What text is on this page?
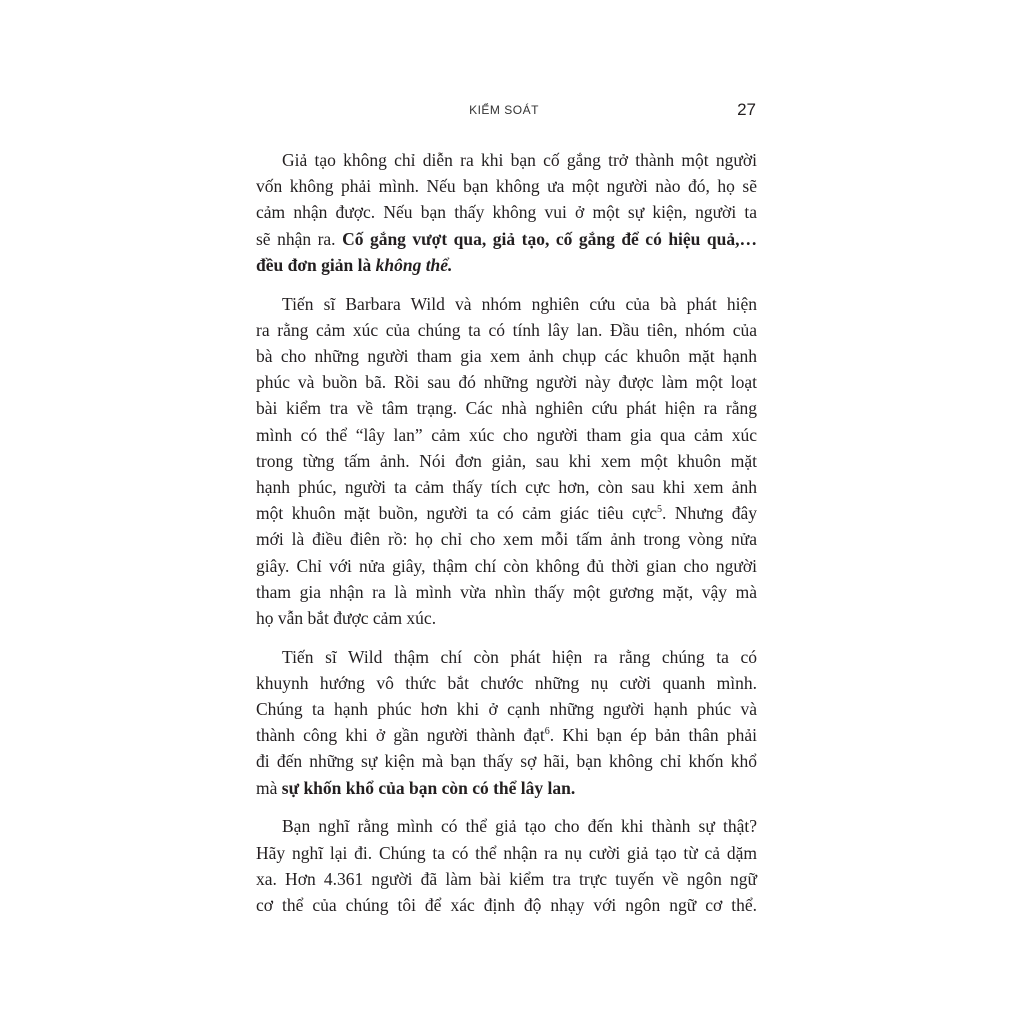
KIỂM SOÁT	27

Giả tạo không chỉ diễn ra khi bạn cố gắng trở thành một người
vốn không phải mình. Nếu bạn không ưa một người nào đó, họ sẽ
cảm nhận được. Nếu bạn thấy không vui ở một sự kiện, người ta
sẽ nhận ra. Cố gắng vượt qua, giả tạo, cố gắng để có hiệu quả,…
đều đơn giản là không thể.

Tiến sĩ Barbara Wild và nhóm nghiên cứu của bà phát hiện
ra rằng cảm xúc của chúng ta có tính lây lan. Đầu tiên, nhóm của
bà cho những người tham gia xem ảnh chụp các khuôn mặt hạnh
phúc và buồn bã. Rồi sau đó những người này được làm một loạt
bài kiểm tra về tâm trạng. Các nhà nghiên cứu phát hiện ra rằng
mình có thể “lây lan” cảm xúc cho người tham gia qua cảm xúc
trong từng tấm ảnh. Nói đơn giản, sau khi xem một khuôn mặt
hạnh phúc, người ta cảm thấy tích cực hơn, còn sau khi xem ảnh
một khuôn mặt buồn, người ta có cảm giác tiêu cực$^5$. Nhưng đây
mới là điều điên rồ: họ chỉ cho xem mỗi tấm ảnh trong vòng nửa
giây. Chỉ với nửa giây, thậm chí còn không đủ thời gian cho người
tham gia nhận ra là mình vừa nhìn thấy một gương mặt, vậy mà
họ vẫn bắt được cảm xúc.

Tiến sĩ Wild thậm chí còn phát hiện ra rằng chúng ta có
khuynh hướng vô thức bắt chước những nụ cười quanh mình.
Chúng ta hạnh phúc hơn khi ở cạnh những người hạnh phúc và
thành công khi ở gần người thành đạt$^6$. Khi bạn ép bản thân phải
đi đến những sự kiện mà bạn thấy sợ hãi, bạn không chỉ khốn khổ
mà sự khốn khổ của bạn còn có thể lây lan.

Bạn nghĩ rằng mình có thể giả tạo cho đến khi thành sự thật?
Hãy nghĩ lại đi. Chúng ta có thể nhận ra nụ cười giả tạo từ cả dặm
xa. Hơn 4.361 người đã làm bài kiểm tra trực tuyến về ngôn ngữ
cơ thể của chúng tôi để xác định độ nhạy với ngôn ngữ cơ thể.
